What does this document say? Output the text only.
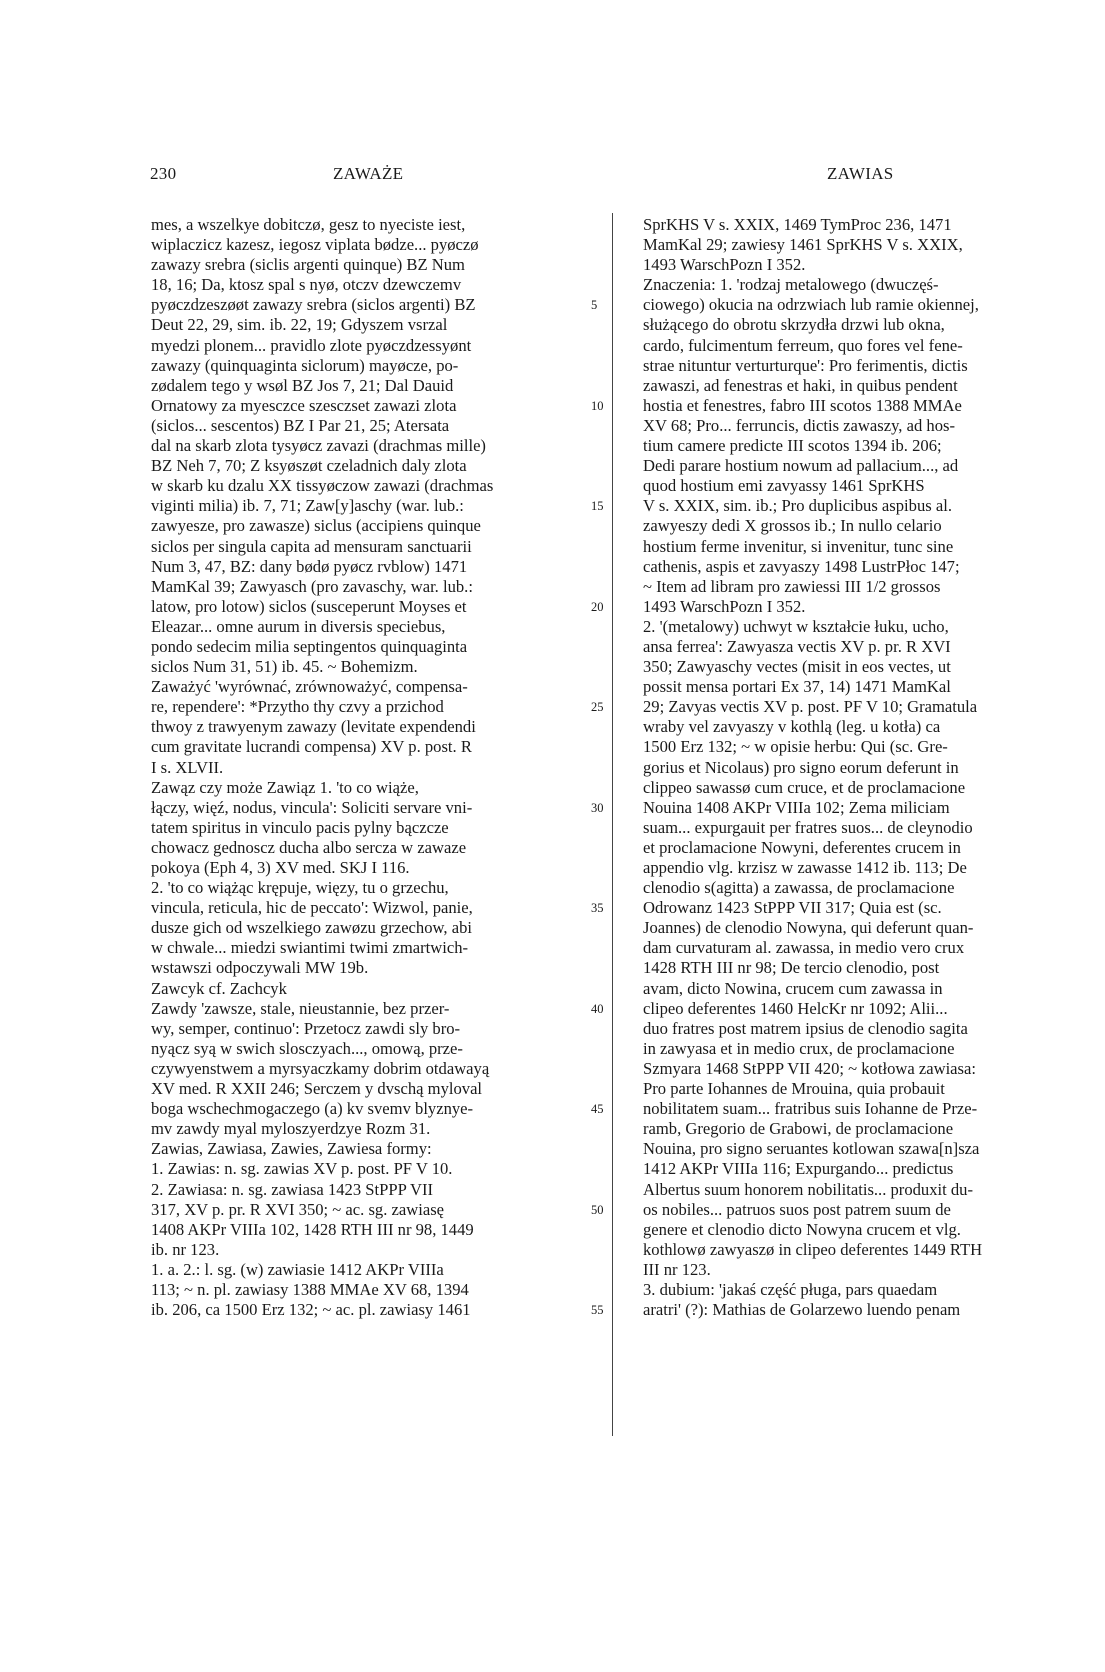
230	ZAWAŻE	ZAWIAS
mes, a wszelkye dobitczø, gesz to nyeciste iest,
wiplaczicz kazesz, iegosz viplata bødze... pyøczø
zawazy srebra (siclis argenti quinque) BZ Num
18, 16; Da, ktosz spal s nyø, otczv dzewczemv
pyøczdzeszøøt zawazy srebra (siclos argenti) BZ
Deut 22, 29, sim. ib. 22, 19; Gdyszem vsrzal
myedzi plonem... pravidlo zlote pyøczdzessyønt
zawazy (quinquaginta siclorum) mayøcze, po-
zødalem tego y wsøl BZ Jos 7, 21; Dal Dauid
Ornatowy za myesczce szesczset zawazi zlota
(siclos... sescentos) BZ I Par 21, 25; Atersata
dal na skarb zlota tysyøcz zavazi (drachmas mille)
BZ Neh 7, 70; Z ksyøszøt czeladnich daly zlota
w skarb ku dzalu XX tissyøczow zawazi (drachmas
viginti milia) ib. 7, 71; Zaw[y]aschy (war. lub.:
zawyesze, pro zawasze) siclus (accipiens quinque
siclos per singula capita ad mensuram sanctuarii
Num 3, 47, BZ: dany bødø pyøcz rvblow) 1471
MamKal 39; Zawyasch (pro zavaschy, war. lub.:
latow, pro lotow) siclos (susceperunt Moyses et
Eleazar... omne aurum in diversis speciebus,
pondo sedecim milia septingentos quinquaginta
siclos Num 31, 51) ib. 45. ~ Bohemizm.
Zaważyć 'wyrównać, zrównoważyć, compensa-
re, rependere': *Przytho thy czvy a przichod
thwoy z trawyenym zawazy (levitate expendendi
cum gravitate lucrandi compensa) XV p. post. R
I s. XLVII.
Zawąz czy może Zawiąz 1. 'to co wiąże,
łączy, więź, nodus, vincula': Soliciti servare vni-
tatem spiritus in vinculo pacis pylny bączcze
chowacz gednoscz ducha albo sercza w zawaze
pokoya (Eph 4, 3) XV med. SKJ I 116.
2. 'to co wiążąc krępuje, więzy, tu o grzechu,
vincula, reticula, hic de peccato': Wizwol, panie,
dusze gich od wszelkiego zawøzu grzechow, abi
w chwale... miedzi swiantimi twimi zmartwich-
wstawszi odpoczywali MW 19b.
Zawcyk cf. Zachcyk
Zawdy 'zawsze, stale, nieustannie, bez przer-
wy, semper, continuo': Przetocz zawdi sly bro-
nyącz syą w swich slosczyach..., omową, prze-
czywyenstwem a myrsyaczkamy dobrim otdawayą
XV med. R XXII 246; Serczem y dvschą myloval
boga wschechmogaczego (a) kv svemv blyznye-
mv zawdy myal myloszyerdzye Rozm 31.
Zawias, Zawiasa, Zawies, Zawiesa formy:
1. Zawias: n. sg. zawias XV p. post. PF V 10.
2. Zawiasa: n. sg. zawiasa 1423 StPPP VII
317, XV p. pr. R XVI 350; ~ ac. sg. zawiasę
1408 AKPr VIIIa 102, 1428 RTH III nr 98, 1449
ib. nr 123.
1. a. 2.: l. sg. (w) zawiasie 1412 AKPr VIIIa
113; ~ n. pl. zawiasy 1388 MMAe XV 68, 1394
ib. 206, ca 1500 Erz 132; ~ ac. pl. zawiasy 1461
5
10
15
20
25
30
35
40
45
50
55
SprKHS V s. XXIX, 1469 TymProc 236, 1471
MamKal 29; zawiesy 1461 SprKHS V s. XXIX,
1493 WarschPozn I 352.
Znaczenia: 1. 'rodzaj metalowego (dwuczęś-
ciowego) okucia na odrzwiach lub ramie okiennej,
służącego do obrotu skrzydła drzwi lub okna,
cardo, fulcimentum ferreum, quo fores vel fene-
strae nituntur verturturque': Pro ferimentis, dictis
zawaszi, ad fenestras et haki, in quibus pendent
hostia et fenestres, fabro III scotos 1388 MMAe
XV 68; Pro... ferruncis, dictis zawaszy, ad hos-
tium camere predicte III scotos 1394 ib. 206;
Dedi parare hostium nowum ad pallacium..., ad
quod hostium emi zavyassy 1461 SprKHS
V s. XXIX, sim. ib.; Pro duplicibus aspibus al.
zawyeszy dedi X grossos ib.; In nullo celario
hostium ferme invenitur, si invenitur, tunc sine
cathenis, aspis et zavyaszy 1498 LustrPłoc 147;
~ Item ad libram pro zawiessi III 1/2 grossos
1493 WarschPozn I 352.
2. '(metalowy) uchwyt w kształcie łuku, ucho,
ansa ferrea': Zawyasza vectis XV p. pr. R XVI
350; Zawyaschy vectes (misit in eos vectes, ut
possit mensa portari Ex 37, 14) 1471 MamKal
29; Zavyas vectis XV p. post. PF V 10; Gramatula
wraby vel zavyaszy v kothlą (leg. u kotła) ca
1500 Erz 132; ~ w opisie herbu: Qui (sc. Gre-
gorius et Nicolaus) pro signo eorum deferunt in
clippeo sawassø cum cruce, et de proclamacione
Nouina 1408 AKPr VIIIa 102; Zema miliciam
suam... expurgauit per fratres suos... de cleynodio
et proclamacione Nowyni, deferentes crucem in
appendio vlg. krzisz w zawasse 1412 ib. 113; De
clenodio s(agitta) a zawassa, de proclamacione
Odrowanz 1423 StPPP VII 317; Quia est (sc.
Joannes) de clenodio Nowyna, qui deferunt quan-
dam curvaturam al. zawassa, in medio vero crux
1428 RTH III nr 98; De tercio clenodio, post
avam, dicto Nowina, crucem cum zawassa in
clipeo deferentes 1460 HelcKr nr 1092; Alii...
duo fratres post matrem ipsius de clenodio sagita
in zawyasa et in medio crux, de proclamacione
Szmyara 1468 StPPP VII 420; ~ kotłowa zawiasa:
Pro parte Iohannes de Mrouina, quia probauit
nobilitatem suam... fratribus suis Iohanne de Prze-
ramb, Gregorio de Grabowi, de proclamacione
Nouina, pro signo seruantes kotlowan szawa[n]sza
1412 AKPr VIIIa 116; Expurgando... predictus
Albertus suum honorem nobilitatis... produxit du-
os nobiles... patruos suos post patrem suum de
genere et clenodio dicto Nowyna crucem et vlg.
kothlowø zawyaszø in clipeo deferentes 1449 RTH
III nr 123.
3. dubium: 'jakaś część pługa, pars quaedam
aratri' (?): Mathias de Golarzewo luendo penam
